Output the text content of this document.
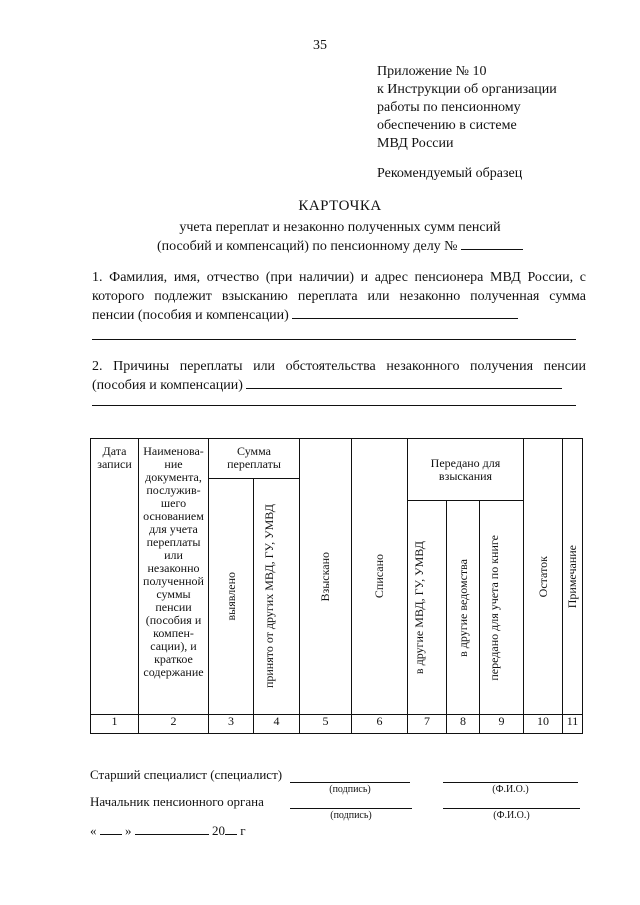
35
Приложение № 10
к Инструкции об организации
работы по пенсионному
обеспечению в системе
МВД России
Рекомендуемый образец
КАРТОЧКА
учета переплат и незаконно полученных сумм пенсий
(пособий и компенсаций) по пенсионному делу №
1. Фамилия, имя, отчество (при наличии) и адрес пенсионера МВД России, с которого подлежит взысканию переплата или незаконно полученная сумма пенсии (пособия и компенсации)
2. Причины переплаты или обстоятельства незаконного получения пенсии (пособия и компенсации)
Дата записи	Наименова-ние документа, послужив-шего основанием для учета переплаты или незаконно полученной суммы пенсии (пособия и компен-сации), и краткое содержание	Сумма переплаты		Взыскано	Списано	Передано для взыскания			Остаток	Примечание

		выявлено	принято от других МВД, ГУ, УМВД							

						в другие МВД, ГУ, УМВД	в другие ведомства	передано для учета по книге		

1	2	3	4	5	6	7	8	9	10	11
Старший специалист (специалист)
(подпись)	(Ф.И.О.)
Начальник пенсионного органа
(подпись)	(Ф.И.О.)
« »	20 г
